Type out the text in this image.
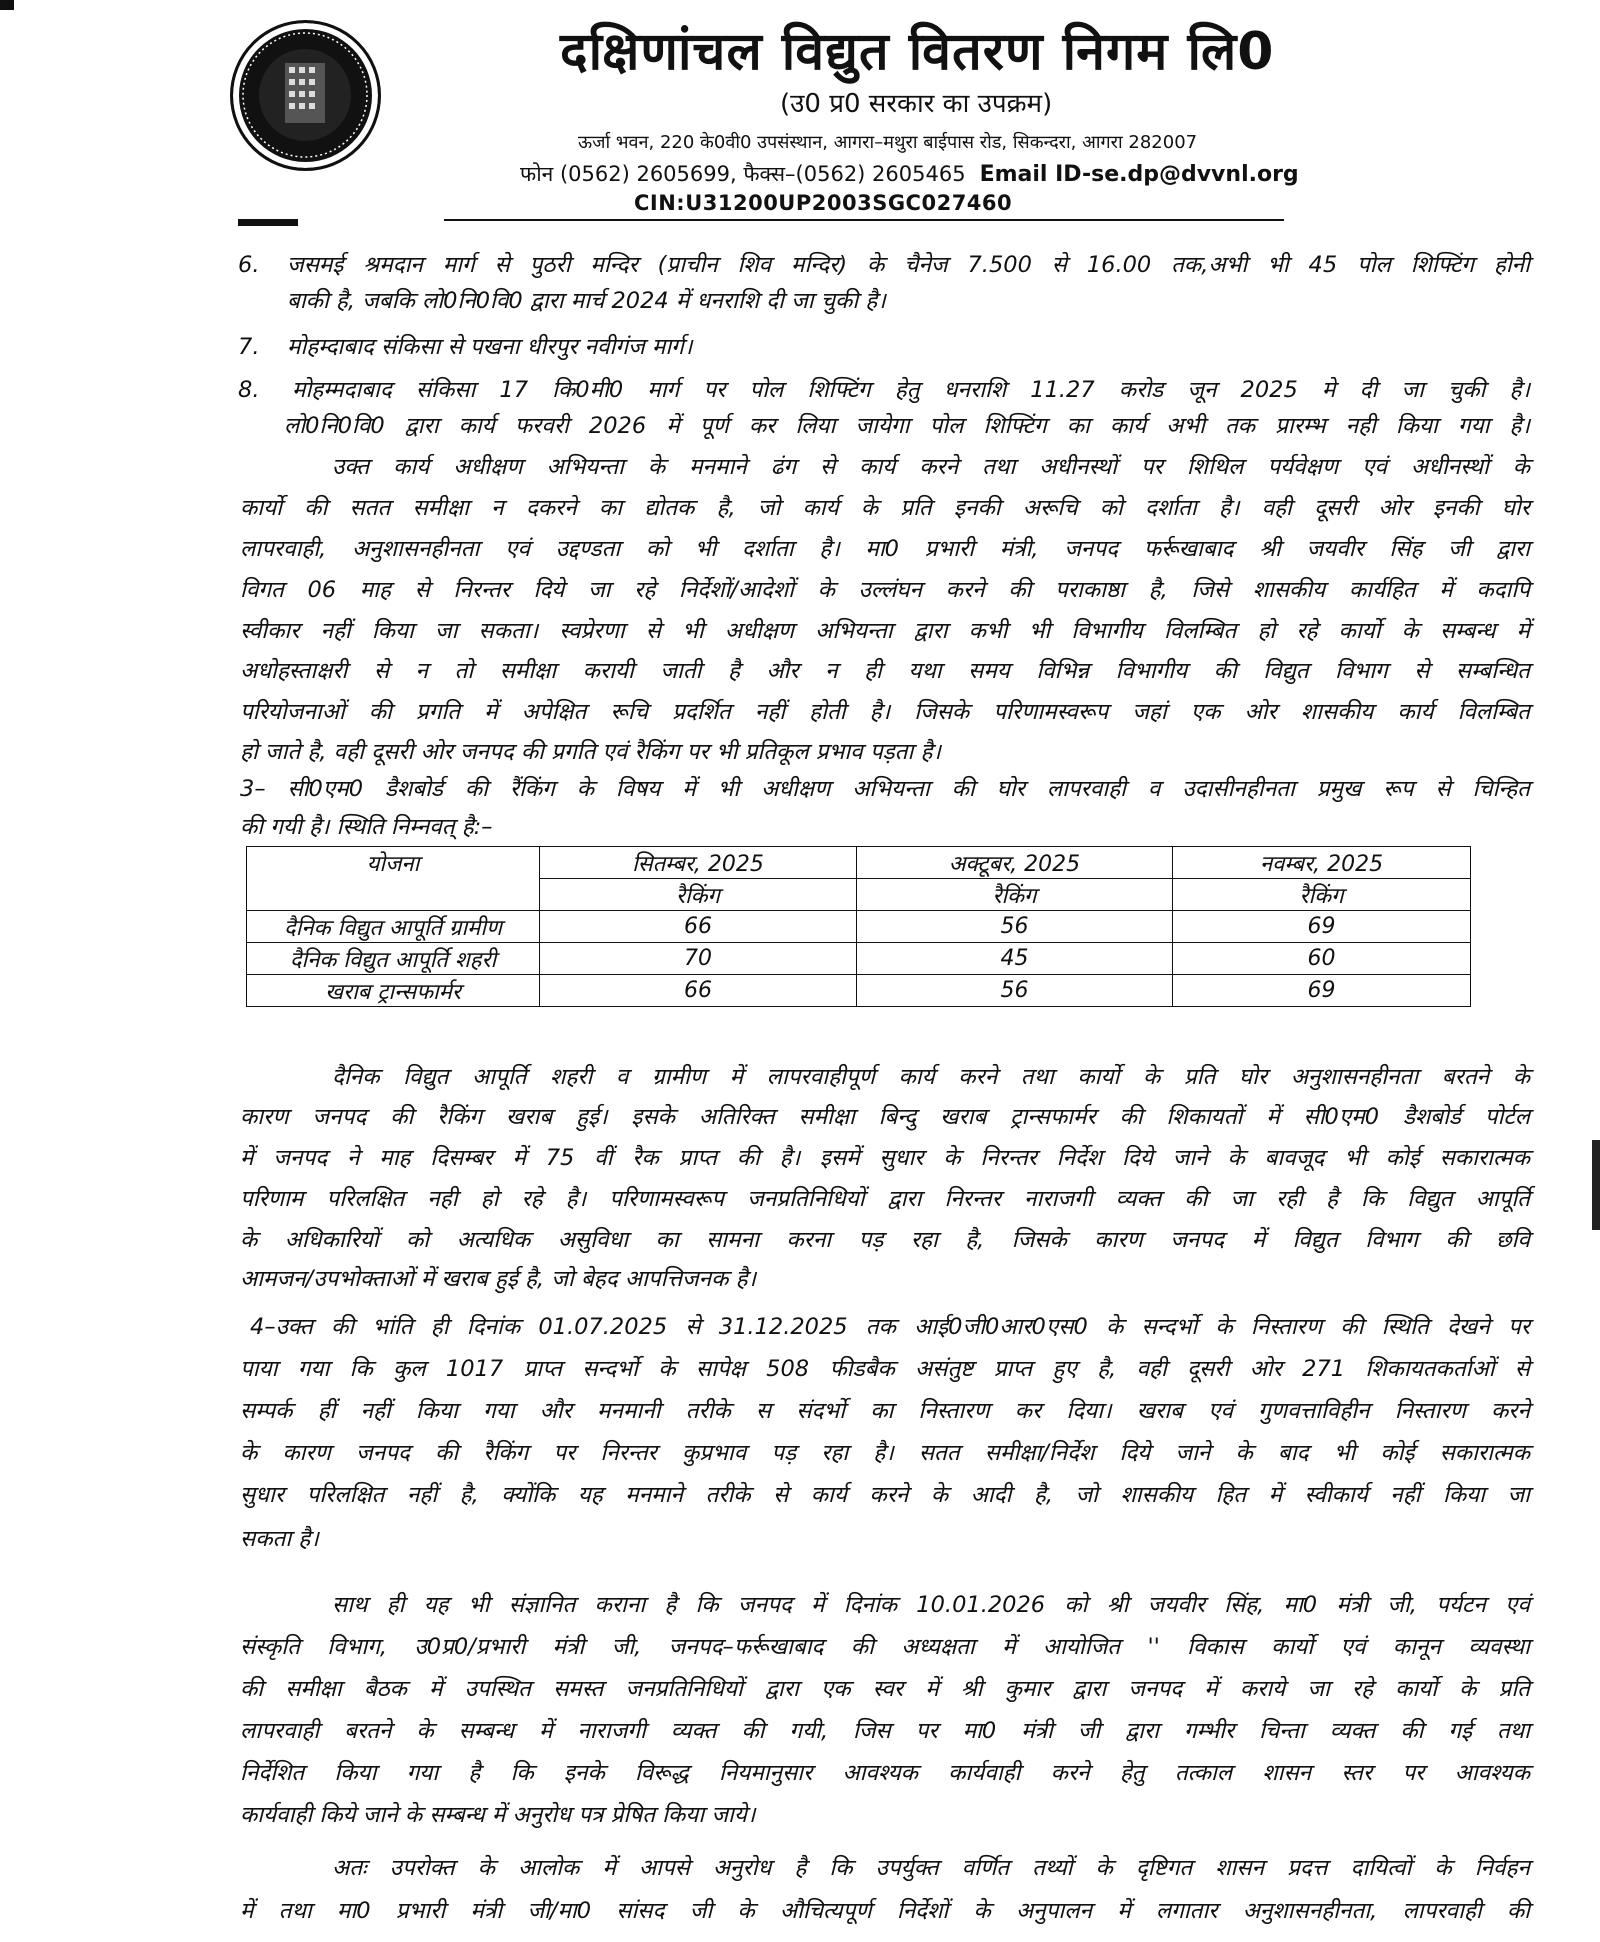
दक्षिणांचल विद्युत वितरण निगम लि0
(उ0 प्र0 सरकार का उपक्रम)
ऊर्जा भवन, 220 के0वी0 उपसंस्थान, आगरा–मथुरा बाईपास रोड, सिकन्दरा, आगरा 282007
फोन (0562) 2605699, फैक्स–(0562) 2605465 Email ID-se.dp@dvvnl.org
CIN:U31200UP2003SGC027460
6. जसमई श्रमदान मार्ग से पुठरी मन्दिर (प्राचीन शिव मन्दिर) के चैनेज 7.500 से 16.00 तक,अभी भी 45 पोल शिफ्टिंग होनी
बाकी है, जबकि लो0नि0वि0 द्वारा मार्च 2024 में धनराशि दी जा चुकी है।
7. मोहम्दाबाद संकिसा से पखना धीरपुर नवीगंज मार्ग।
8. मोहम्मदाबाद संकिसा 17 कि0मी0 मार्ग पर पोल शिफ्टिंग हेतु धनराशि 11.27 करोड जून 2025 मे दी जा चुकी है।
लो0नि0वि0 द्वारा कार्य फरवरी 2026 में पूर्ण कर लिया जायेगा पोल शिफ्टिंग का कार्य अभी तक प्रारम्भ नही किया गया है।
उक्त कार्य अधीक्षण अभियन्ता के मनमाने ढंग से कार्य करने तथा अधीनस्थों पर शिथिल पर्यवेक्षण एवं अधीनस्थों के
कार्यो की सतत समीक्षा न दकरने का द्योतक है, जो कार्य के प्रति इनकी अरूचि को दर्शाता है। वही दूसरी ओर इनकी घोर
लापरवाही, अनुशासनहीनता एवं उद्दण्डता को भी दर्शाता है। मा0 प्रभारी मंत्री, जनपद फर्रूखाबाद श्री जयवीर सिंह जी द्वारा
विगत 06 माह से निरन्तर दिये जा रहे निर्देशों/आदेशों के उल्लंघन करने की पराकाष्ठा है, जिसे शासकीय कार्यहित में कदापि
स्वीकार नहीं किया जा सकता। स्वप्रेरणा से भी अधीक्षण अभियन्ता द्वारा कभी भी विभागीय विलम्बित हो रहे कार्यो के सम्बन्ध में
अधोहस्ताक्षरी से न तो समीक्षा करायी जाती है और न ही यथा समय विभिन्न विभागीय की विद्युत विभाग से सम्बन्धित
परियोजनाओं की प्रगति में अपेक्षित रूचि प्रदर्शित नहीं होती है। जिसके परिणामस्वरूप जहां एक ओर शासकीय कार्य विलम्बित
हो जाते है, वही दूसरी ओर जनपद की प्रगति एवं रैकिंग पर भी प्रतिकूल प्रभाव पड़ता है।
3– सी0एम0 डैशबोर्ड की रैंकिंग के विषय में भी अधीक्षण अभियन्ता की घोर लापरवाही व उदासीनहीनता प्रमुख रूप से चिन्हित
की गयी है। स्थिति निम्नवत् है:–
योजना	सितम्बर, 2025	अक्टूबर, 2025	नवम्बर, 2025
	रैकिंग	रैकिंग	रैकिंग
दैनिक विद्युत आपूर्ति ग्रामीण	66	56	69
दैनिक विद्युत आपूर्ति शहरी	70	45	60
खराब ट्रान्सफार्मर	66	56	69
दैनिक विद्युत आपूर्ति शहरी व ग्रामीण में लापरवाहीपूर्ण कार्य करने तथा कार्यो के प्रति घोर अनुशासनहीनता बरतने के
कारण जनपद की रैकिंग खराब हुई। इसके अतिरिक्त समीक्षा बिन्दु खराब ट्रान्सफार्मर की शिकायतों में सी0एम0 डैशबोर्ड पोर्टल
में जनपद ने माह दिसम्बर में 75 वीं रैक प्राप्त की है। इसमें सुधार के निरन्तर निर्देश दिये जाने के बावजूद भी कोई सकारात्मक
परिणाम परिलक्षित नही हो रहे है। परिणामस्वरूप जनप्रतिनिधियों द्वारा निरन्तर नाराजगी व्यक्त की जा रही है कि विद्युत आपूर्ति
के अधिकारियों को अत्यधिक असुविधा का सामना करना पड़ रहा है, जिसके कारण जनपद में विद्युत विभाग की छवि
आमजन/उपभोक्ताओं में खराब हुई है, जो बेहद आपत्तिजनक है।
4–उक्त की भांति ही दिनांक 01.07.2025 से 31.12.2025 तक आई0जी0आर0एस0 के सन्दर्भो के निस्तारण की स्थिति देखने पर
पाया गया कि कुल 1017 प्राप्त सन्दर्भो के सापेक्ष 508 फीडबैक असंतुष्ट प्राप्त हुए है, वही दूसरी ओर 271 शिकायतकर्ताओं से
सम्पर्क हीं नहीं किया गया और मनमानी तरीके स संदर्भो का निस्तारण कर दिया। खराब एवं गुणवत्ताविहीन निस्तारण करने
के कारण जनपद की रैकिंग पर निरन्तर कुप्रभाव पड़ रहा है। सतत समीक्षा/निर्देश दिये जाने के बाद भी कोई सकारात्मक
सुधार परिलक्षित नहीं है, क्योंकि यह मनमाने तरीके से कार्य करने के आदी है, जो शासकीय हित में स्वीकार्य नहीं किया जा
सकता है।
साथ ही यह भी संज्ञानित कराना है कि जनपद में दिनांक 10.01.2026 को श्री जयवीर सिंह, मा0 मंत्री जी, पर्यटन एवं
संस्कृति विभाग, उ0प्र0/प्रभारी मंत्री जी, जनपद–फर्रूखाबाद की अध्यक्षता में आयोजित '' विकास कार्यो एवं कानून व्यवस्था
की समीक्षा बैठक में उपस्थित समस्त जनप्रतिनिधियों द्वारा एक स्वर में श्री कुमार द्वारा जनपद में कराये जा रहे कार्यो के प्रति
लापरवाही बरतने के सम्बन्ध में नाराजगी व्यक्त की गयी, जिस पर मा0 मंत्री जी द्वारा गम्भीर चिन्ता व्यक्त की गई तथा
निर्देशित किया गया है कि इनके विरूद्ध नियमानुसार आवश्यक कार्यवाही करने हेतु तत्काल शासन स्तर पर आवश्यक
कार्यवाही किये जाने के सम्बन्ध में अनुरोध पत्र प्रेषित किया जाये।
अतः उपरोक्त के आलोक में आपसे अनुरोध है कि उपर्युक्त वर्णित तथ्यों के दृष्टिगत शासन प्रदत्त दायित्वों के निर्वहन
में तथा मा0 प्रभारी मंत्री जी/मा0 सांसद जी के औचित्यपूर्ण निर्देशों के अनुपालन में लगातार अनुशासनहीनता, लापरवाही की
